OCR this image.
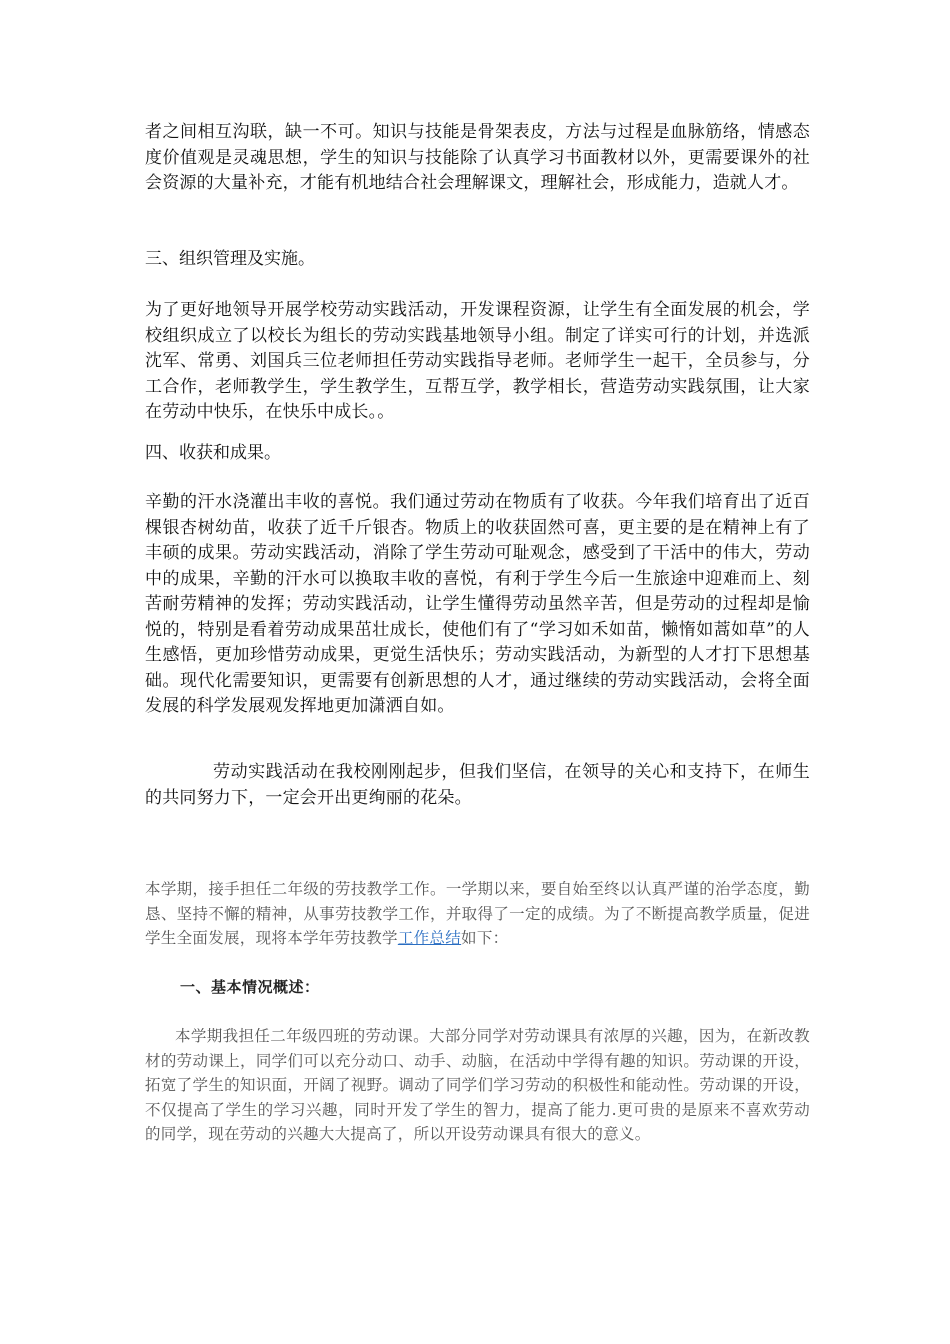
者之间相互沟联，缺一不可。知识与技能是骨架表皮，方法与过程是血脉筋络，情感态度价值观是灵魂思想，学生的知识与技能除了认真学习书面教材以外，更需要课外的社会资源的大量补充，才能有机地结合社会理解课文，理解社会，形成能力，造就人才。

三、组织管理及实施。

为了更好地领导开展学校劳动实践活动，开发课程资源，让学生有全面发展的机会，学校组织成立了以校长为组长的劳动实践基地领导小组。制定了详实可行的计划，并选派沈军、常勇、刘国兵三位老师担任劳动实践指导老师。老师学生一起干，全员参与，分工合作，老师教学生，学生教学生，互帮互学，教学相长，营造劳动实践氛围，让大家在劳动中快乐，在快乐中成长。。

四、收获和成果。

辛勤的汗水浇灌出丰收的喜悦。我们通过劳动在物质有了收获。今年我们培育出了近百棵银杏树幼苗，收获了近千斤银杏。物质上的收获固然可喜，更主要的是在精神上有了丰硕的成果。劳动实践活动，消除了学生劳动可耻观念，感受到了干活中的伟大，劳动中的成果，辛勤的汗水可以换取丰收的喜悦，有利于学生今后一生旅途中迎难而上、刻苦耐劳精神的发挥；劳动实践活动，让学生懂得劳动虽然辛苦，但是劳动的过程却是愉悦的，特别是看着劳动成果茁壮成长，使他们有了“学习如禾如苗，懒惰如蒿如草”的人生感悟，更加珍惜劳动成果，更觉生活快乐；劳动实践活动，为新型的人才打下思想基础。现代化需要知识，更需要有创新思想的人才，通过继续的劳动实践活动，会将全面发展的科学发展观发挥地更加潇洒自如。

劳动实践活动在我校刚刚起步，但我们坚信，在领导的关心和支持下，在师生的共同努力下，一定会开出更绚丽的花朵。

本学期，接手担任二年级的劳技教学工作。一学期以来，要自始至终以认真严谨的治学态度，勤恳、坚持不懈的精神，从事劳技教学工作，并取得了一定的成绩。为了不断提高教学质量，促进学生全面发展，现将本学年劳技教学工作总结如下：

一、基本情况概述：

本学期我担任二年级四班的劳动课。大部分同学对劳动课具有浓厚的兴趣，因为，在新改教材的劳动课上，同学们可以充分动口、动手、动脑，在活动中学得有趣的知识。劳动课的开设，拓宽了学生的知识面，开阔了视野。调动了同学们学习劳动的积极性和能动性。劳动课的开设，不仅提高了学生的学习兴趣，同时开发了学生的智力，提高了能力.更可贵的是原来不喜欢劳动的同学，现在劳动的兴趣大大提高了，所以开设劳动课具有很大的意义。
